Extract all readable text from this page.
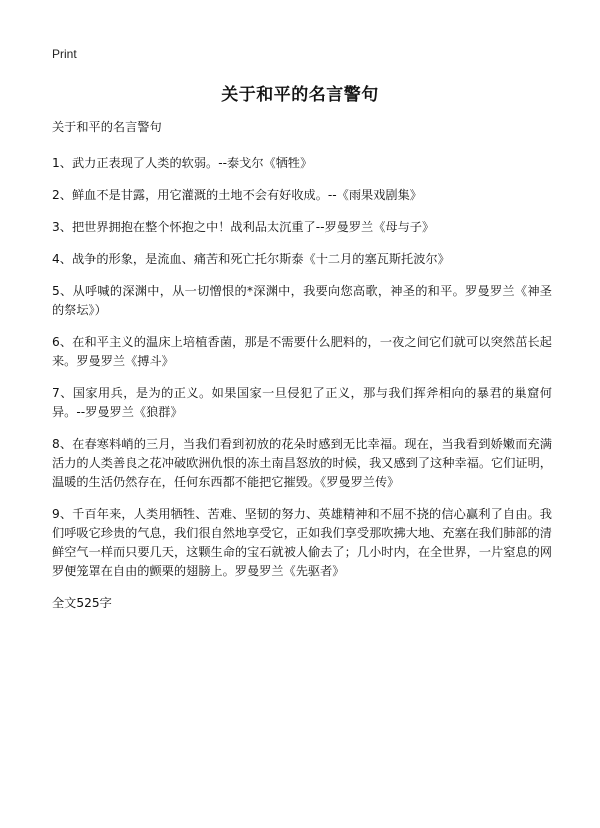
Print
关于和平的名言警句

关于和平的名言警句

1、武力正表现了人类的软弱。--泰戈尔《牺牲》

2、鲜血不是甘露，用它灌溉的土地不会有好收成。--《雨果戏剧集》

3、把世界拥抱在整个怀抱之中！战利品太沉重了--罗曼罗兰《母与子》

4、战争的形象，是流血、痛苦和死亡托尔斯泰《十二月的塞瓦斯托波尔》

5、从呼喊的深渊中，从一切憎恨的*深渊中，我要向您高歌，神圣的和平。罗曼罗兰《神圣的祭坛》）

6、在和平主义的温床上培植香菌，那是不需要什么肥料的，一夜之间它们就可以突然茁长起来。罗曼罗兰《搏斗》

7、国家用兵，是为的正义。如果国家一旦侵犯了正义，那与我们挥斧相向的暴君的巢窟何异。--罗曼罗兰《狼群》

8、在春寒料峭的三月，当我们看到初放的花朵时感到无比幸福。现在，当我看到娇嫩而充满活力的人类善良之花冲破欧洲仇恨的冻土南昌怒放的时候，我又感到了这种幸福。它们证明，温暖的生活仍然存在，任何东西都不能把它摧毁。《罗曼罗兰传》

9、千百年来，人类用牺牲、苦难、坚韧的努力、英雄精神和不屈不挠的信心赢利了自由。我们呼吸它珍贵的气息，我们很自然地享受它，正如我们享受那吹拂大地、充塞在我们肺部的清鲜空气一样而只要几天，这颗生命的宝石就被人偷去了；几小时内，在全世界，一片窒息的网罗便笼罩在自由的颤栗的翅膀上。罗曼罗兰《先驱者》

全文525字
